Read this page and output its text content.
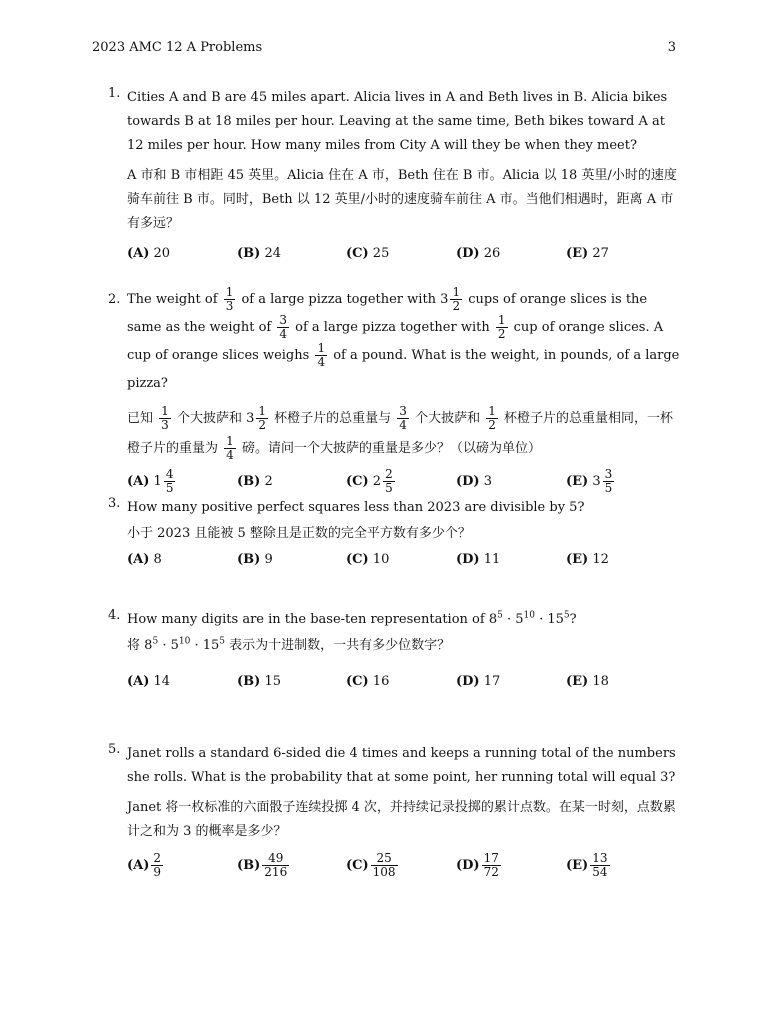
2023 AMC 12 A Problems	3
1. Cities A and B are 45 miles apart. Alicia lives in A and Beth lives in B. Alicia bikes towards B at 18 miles per hour. Leaving at the same time, Beth bikes toward A at 12 miles per hour. How many miles from City A will they be when they meet?
A 市和 B 市相距 45 英里。Alicia 住在 A 市，Beth 住在 B 市。Alicia 以 18 英里/小时的速度骑车前往 B 市。同时，Beth 以 12 英里/小时的速度骑车前往 A 市。当他们相遇时，距离 A 市有多远？
(A) 20	(B) 24	(C) 25	(D) 26	(E) 27
2. The weight of $\frac{1}{3}$ of a large pizza together with $3 \frac{1}{2}$ cups of orange slices is the same as the weight of $\frac{3}{4}$ of a large pizza together with $\frac{1}{2}$ cup of orange slices. A cup of orange slices weighs $\frac{1}{4}$ of a pound. What is the weight, in pounds, of a large pizza?
已知 $\frac{1}{3}$ 个大披萨和 $3 \frac{1}{2}$ 杯橙子片的总重量与 $\frac{3}{4}$ 个大披萨和 $\frac{1}{2}$ 杯橙子片的总重量相同，一杯橙子片的重量为 $\frac{1}{4}$ 磅。请问一个大披萨的重量是多少？（以磅为单位）
(A) $1 \frac{4}{5}$	(B) 2	(C) $2 \frac{2}{5}$	(D) 3	(E) $3 \frac{3}{5}$
3. How many positive perfect squares less than 2023 are divisible by 5?
小于 2023 且能被 5 整除且是正数的完全平方数有多少个？
(A) 8	(B) 9	(C) 10	(D) 11	(E) 12
4. How many digits are in the base-ten representation of $8^5 \cdot 5^{10} \cdot 15^5$?
将 $8^5 \cdot 5^{10} \cdot 15^5$ 表示为十进制数，一共有多少位数字？
(A) 14	(B) 15	(C) 16	(D) 17	(E) 18
5. Janet rolls a standard 6-sided die 4 times and keeps a running total of the numbers she rolls. What is the probability that at some point, her running total will equal 3?
Janet 将一枚标准的六面骰子连续投掷 4 次，并持续记录投掷的累计点数。在某一时刻，点数累计之和为 3 的概率是多少？
$(A) \frac{2}{9}$	$(B) \frac{49}{216}$	$(C) \frac{25}{108}$	$(D) \frac{17}{72}$	$(E) \frac{13}{54}$
